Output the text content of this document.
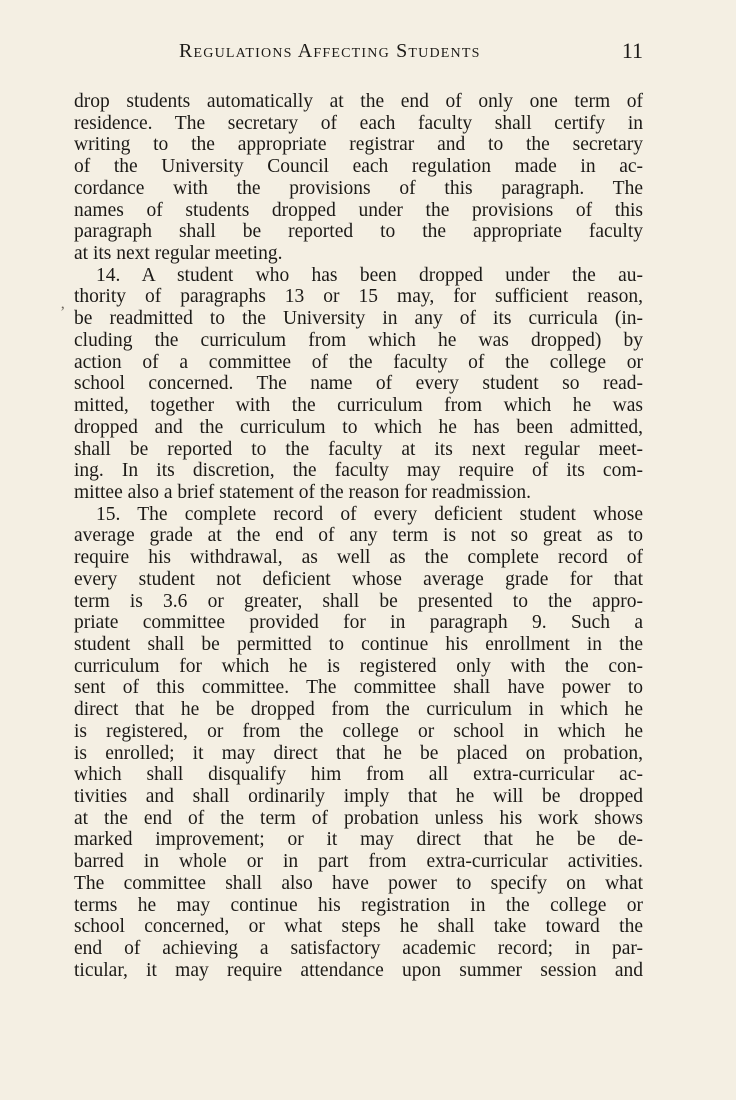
Regulations Affecting Students	11
‚
drop students automatically at the end of only one term of
residence. The secretary of each faculty shall certify in
writing to the appropriate registrar and to the secretary
of the University Council each regulation made in ac-
cordance with the provisions of this paragraph. The
names of students dropped under the provisions of this
paragraph shall be reported to the appropriate faculty
at its next regular meeting.
14. A student who has been dropped under the au-
thority of paragraphs 13 or 15 may, for sufficient reason,
be readmitted to the University in any of its curricula (in-
cluding the curriculum from which he was dropped) by
action of a committee of the faculty of the college or
school concerned. The name of every student so read-
mitted, together with the curriculum from which he was
dropped and the curriculum to which he has been admitted,
shall be reported to the faculty at its next regular meet-
ing. In its discretion, the faculty may require of its com-
mittee also a brief statement of the reason for readmission.
15. The complete record of every deficient student whose
average grade at the end of any term is not so great as to
require his withdrawal, as well as the complete record of
every student not deficient whose average grade for that
term is 3.6 or greater, shall be presented to the appro-
priate committee provided for in paragraph 9. Such a
student shall be permitted to continue his enrollment in the
curriculum for which he is registered only with the con-
sent of this committee. The committee shall have power to
direct that he be dropped from the curriculum in which he
is registered, or from the college or school in which he
is enrolled; it may direct that he be placed on probation,
which shall disqualify him from all extra-curricular ac-
tivities and shall ordinarily imply that he will be dropped
at the end of the term of probation unless his work shows
marked improvement; or it may direct that he be de-
barred in whole or in part from extra-curricular activities.
The committee shall also have power to specify on what
terms he may continue his registration in the college or
school concerned, or what steps he shall take toward the
end of achieving a satisfactory academic record; in par-
ticular, it may require attendance upon summer session and
